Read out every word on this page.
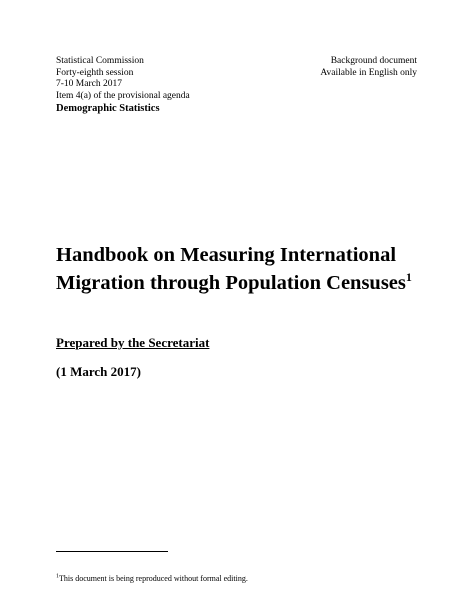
Statistical Commission
Forty-eighth session
7-10 March 2017
Item 4(a) of the provisional agenda
Demographic Statistics
Background document
Available in English only
Handbook on Measuring International
Migration through Population Censuses$^1$
Prepared by the Secretariat
(1 March 2017)
$^1$This document is being reproduced without formal editing.
